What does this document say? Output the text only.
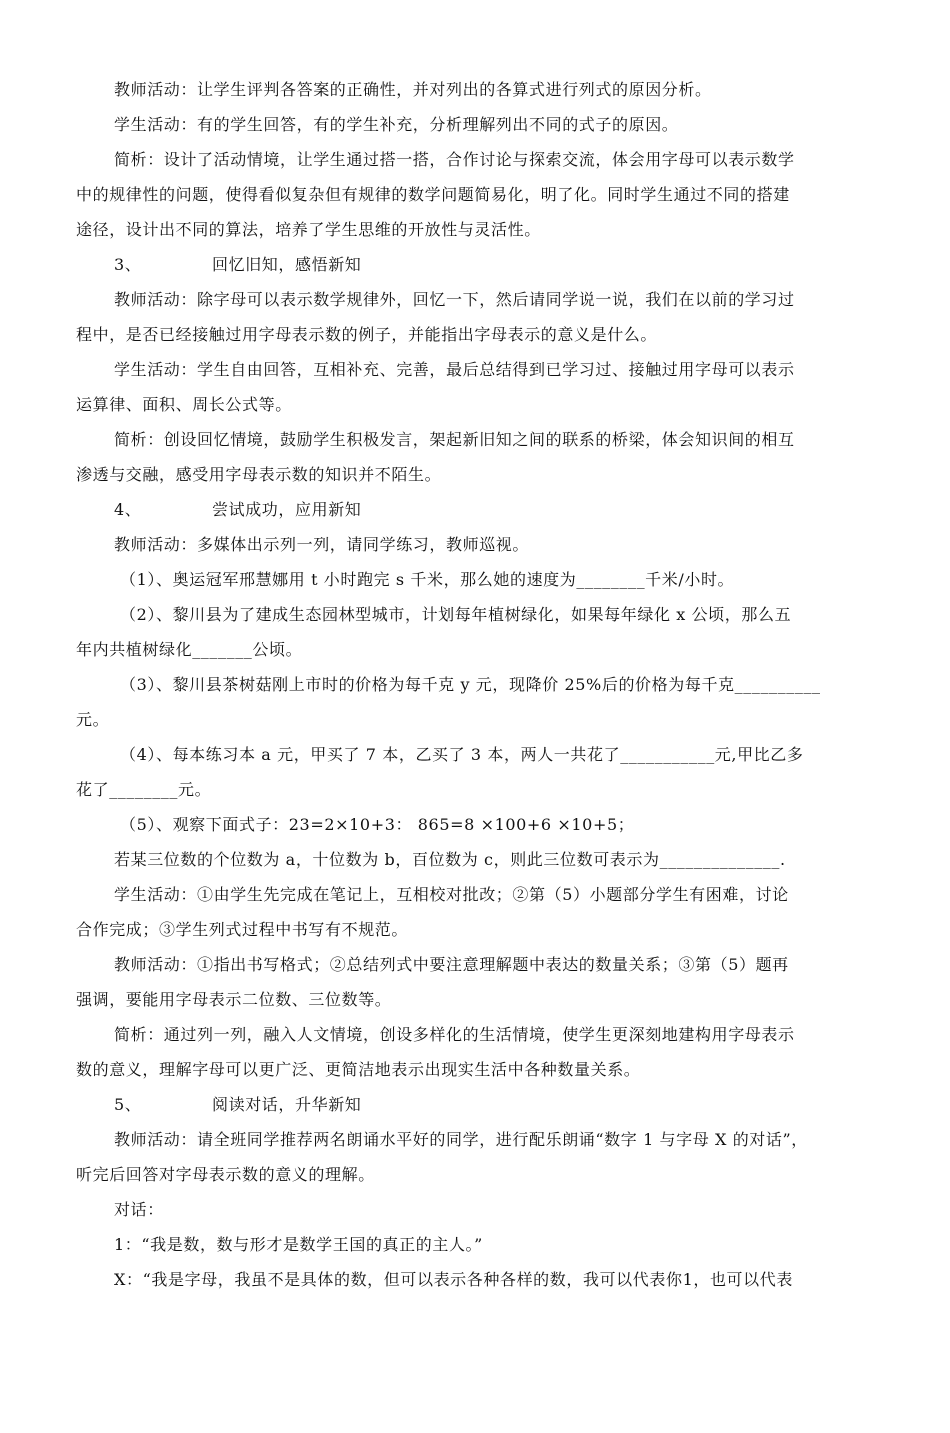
教师活动：让学生评判各答案的正确性，并对列出的各算式进行列式的原因分析。
学生活动：有的学生回答，有的学生补充，分析理解列出不同的式子的原因。
简析：设计了活动情境，让学生通过搭一搭，合作讨论与探索交流，体会用字母可以表示数学
中的规律性的问题，使得看似复杂但有规律的数学问题简易化，明了化。同时学生通过不同的搭建
途径，设计出不同的算法，培养了学生思维的开放性与灵活性。
3、	回忆旧知，感悟新知
教师活动：除字母可以表示数学规律外，回忆一下，然后请同学说一说，我们在以前的学习过
程中，是否已经接触过用字母表示数的例子，并能指出字母表示的意义是什么。
学生活动：学生自由回答，互相补充、完善，最后总结得到已学习过、接触过用字母可以表示
运算律、面积、周长公式等。
简析：创设回忆情境，鼓励学生积极发言，架起新旧知之间的联系的桥梁，体会知识间的相互
渗透与交融，感受用字母表示数的知识并不陌生。
4、	尝试成功，应用新知
教师活动：多媒体出示列一列，请同学练习，教师巡视。
（1）、奥运冠军邢慧娜用 t 小时跑完 s 千米，那么她的速度为________千米/小时。
（2）、黎川县为了建成生态园林型城市，计划每年植树绿化，如果每年绿化 x 公顷，那么五
年内共植树绿化_______公顷。
（3）、黎川县茶树菇刚上市时的价格为每千克 y 元，现降价 25%后的价格为每千克__________
元。
（4）、每本练习本 a 元，甲买了 7 本，乙买了 3 本，两人一共花了___________元,甲比乙多
花了________元。
（5）、观察下面式子：23=2×10+3： 865=8 ×100+6 ×10+5；
若某三位数的个位数为 a，十位数为 b，百位数为 c，则此三位数可表示为______________.
学生活动：①由学生先完成在笔记上，互相校对批改；②第（5）小题部分学生有困难，讨论
合作完成；③学生列式过程中书写有不规范。
教师活动：①指出书写格式；②总结列式中要注意理解题中表达的数量关系；③第（5）题再
强调，要能用字母表示二位数、三位数等。
简析：通过列一列，融入人文情境，创设多样化的生活情境，使学生更深刻地建构用字母表示
数的意义，理解字母可以更广泛、更简洁地表示出现实生活中各种数量关系。
5、	阅读对话，升华新知
教师活动：请全班同学推荐两名朗诵水平好的同学，进行配乐朗诵“数字 1 与字母 X 的对话”，
听完后回答对字母表示数的意义的理解。
对话：
1：“我是数，数与形才是数学王国的真正的主人。”
X：“我是字母，我虽不是具体的数，但可以表示各种各样的数，我可以代表你1，也可以代表
